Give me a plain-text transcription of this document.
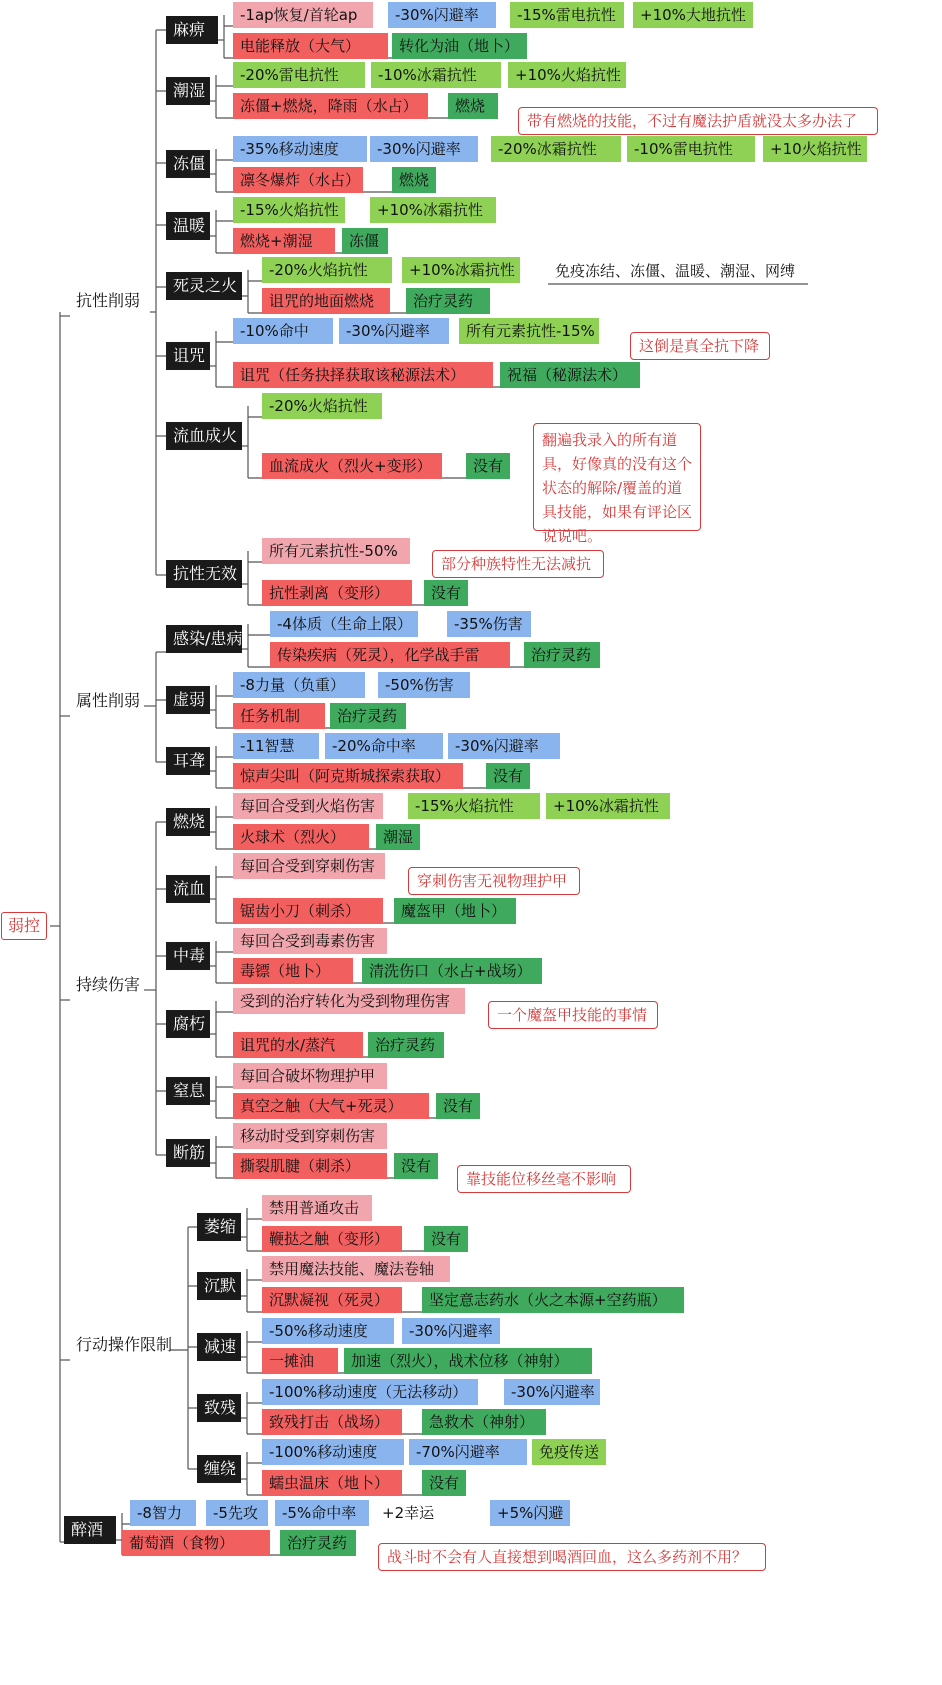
-1ap恢复/首轮ap	-30%闪避率	-15%雷电抗性	+10%大地抗性
电能释放（大气）	转化为油（地卜）
麻痹
-20%雷电抗性	-10%冰霜抗性	+10%火焰抗性
冻僵+燃烧，降雨（水占）	燃烧
潮湿
-35%移动速度	-30%闪避率	-20%冰霜抗性	-10%雷电抗性	+10火焰抗性
凛冬爆炸（水占）	燃烧
冻僵
-15%火焰抗性	+10%冰霜抗性
燃烧+潮湿	冻僵
温暖
-20%火焰抗性	+10%冰霜抗性	免疫冻结、冻僵、温暖、潮湿、网缚
诅咒的地面燃烧	治疗灵药
死灵之火
-10%命中	-30%闪避率	所有元素抗性-15%
诅咒（任务抉择获取该秘源法术）	祝福（秘源法术）
诅咒
-20%火焰抗性
血流成火（烈火+变形）	没有
流血成火
所有元素抗性-50%
抗性剥离（变形）	没有
抗性无效
-4体质（生命上限）	-35%伤害
传染疾病（死灵），化学战手雷	治疗灵药
感染/患病
-8力量（负重）	-50%伤害
任务机制	治疗灵药
虚弱
-11智慧	-20%命中率	-30%闪避率
惊声尖叫（阿克斯城探索获取）	没有
耳聋
每回合受到火焰伤害	-15%火焰抗性	+10%冰霜抗性
火球术（烈火）	潮湿
燃烧
每回合受到穿刺伤害
锯齿小刀（刺杀）	魔盔甲（地卜）
流血
每回合受到毒素伤害
毒镖（地卜）	清洗伤口（水占+战场）
中毒
受到的治疗转化为受到物理伤害
诅咒的水/蒸汽	治疗灵药
腐朽
每回合破坏物理护甲
真空之触（大气+死灵）	没有
窒息
移动时受到穿刺伤害
撕裂肌腱（刺杀）	没有
断筋
禁用普通攻击
鞭挞之触（变形）	没有
萎缩
禁用魔法技能、魔法卷轴
沉默凝视（死灵）	坚定意志药水（火之本源+空药瓶）
沉默
-50%移动速度	-30%闪避率
一摊油	加速（烈火），战术位移（神射）
减速
-100%移动速度（无法移动）	-30%闪避率
致残打击（战场）	急救术（神射）
致残
-100%移动速度	-70%闪避率	免疫传送
蠕虫温床（地卜）	没有
缠绕
-8智力	-5先攻	-5%命中率	+2幸运	+5%闪避
葡萄酒（食物）	治疗灵药
醉酒
抗性削弱
属性削弱
持续伤害
行动操作限制
弱控
带有燃烧的技能，不过有魔法护盾就没太多办法了
这倒是真全抗下降
翻遍我录入的所有道具，好像真的没有这个状态的解除/覆盖的道具技能，如果有评论区说说吧。
部分种族特性无法减抗
穿刺伤害无视物理护甲
一个魔盔甲技能的事情
靠技能位移丝毫不影响
战斗时不会有人直接想到喝酒回血，这么多药剂不用？
